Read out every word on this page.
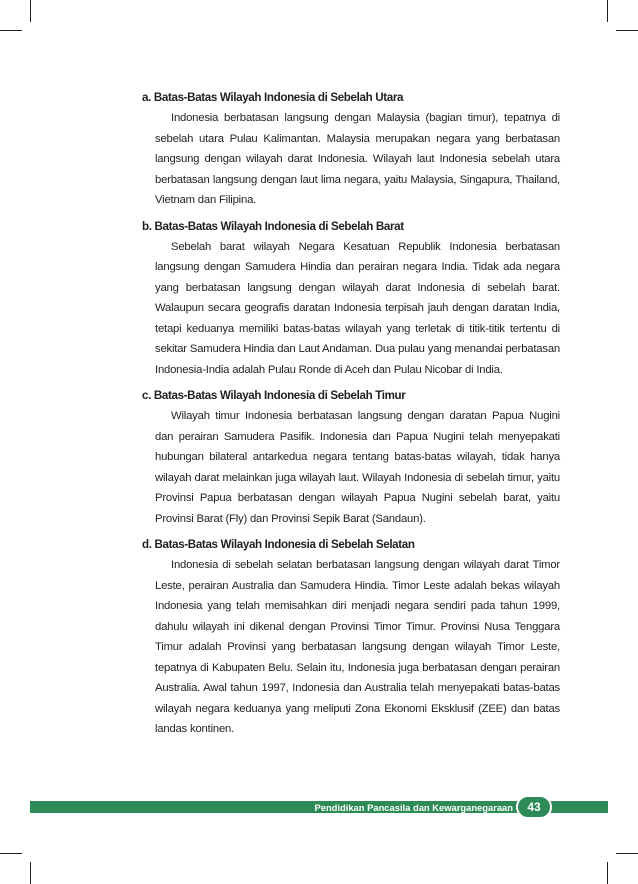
a. Batas-Batas Wilayah Indonesia di Sebelah Utara

Indonesia berbatasan langsung dengan Malaysia (bagian timur), tepatnya di sebelah utara Pulau Kalimantan. Malaysia merupakan negara yang berbatasan langsung dengan wilayah darat Indonesia. Wilayah laut Indonesia sebelah utara berbatasan langsung dengan laut lima negara, yaitu Malaysia, Singapura, Thailand, Vietnam dan Filipina.

b. Batas-Batas Wilayah Indonesia di Sebelah Barat

Sebelah barat wilayah Negara Kesatuan Republik Indonesia berbatasan langsung dengan Samudera Hindia dan perairan negara India. Tidak ada negara yang berbatasan langsung dengan wilayah darat Indonesia di sebelah barat. Walaupun secara geografis daratan Indonesia terpisah jauh dengan daratan India, tetapi keduanya memiliki batas-batas wilayah yang terletak di titik-titik tertentu di sekitar Samudera Hindia dan Laut Andaman. Dua pulau yang menandai perbatasan Indonesia-India adalah Pulau Ronde di Aceh dan Pulau Nicobar di India.

c. Batas-Batas Wilayah Indonesia di Sebelah Timur

Wilayah timur Indonesia berbatasan langsung dengan daratan Papua Nugini dan perairan Samudera Pasifik. Indonesia dan Papua Nugini telah menyepakati hubungan bilateral antarkedua negara tentang batas-batas wilayah, tidak hanya wilayah darat melainkan juga wilayah laut. Wilayah Indonesia di sebelah timur, yaitu Provinsi Papua berbatasan dengan wilayah Papua Nugini sebelah barat, yaitu Provinsi Barat (Fly) dan Provinsi Sepik Barat (Sandaun).

d. Batas-Batas Wilayah Indonesia di Sebelah Selatan

Indonesia di sebelah selatan berbatasan langsung dengan wilayah darat Timor Leste, perairan Australia dan Samudera Hindia. Timor Leste adalah bekas wilayah Indonesia yang telah memisahkan diri menjadi negara sendiri pada tahun 1999, dahulu wilayah ini dikenal dengan Provinsi Timor Timur. Provinsi Nusa Tenggara Timur adalah Provinsi yang berbatasan langsung dengan wilayah Timor Leste, tepatnya di Kabupaten Belu. Selain itu, Indonesia juga berbatasan dengan perairan Australia. Awal tahun 1997, Indonesia dan Australia telah menyepakati batas-batas wilayah negara keduanya yang meliputi Zona Ekonomi Eksklusif (ZEE) dan batas landas kontinen.

Pendidikan Pancasila dan Kewarganegaraan	43
